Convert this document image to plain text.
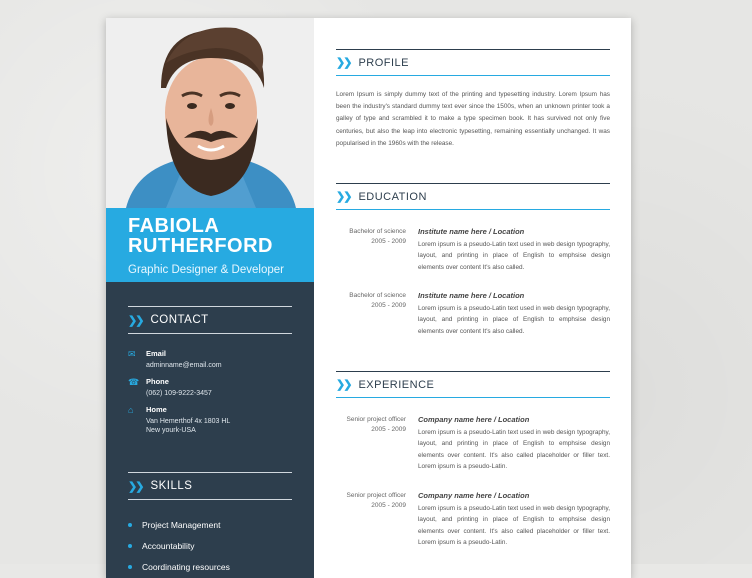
FABIOLA
RUTHERFORD
Graphic Designer & Developer
❯❯ CONTACT
✉ Email
adminname@email.com
☎ Phone
(062) 109-9222-3457
⌂	Home
Van Hemerthof 4x 1803 HL
New yourk-USA
❯❯ SKILLS
Project Management
Accountability
Coordinating resources
❯❯ PROFILE
Lorem Ipsum is simply dummy text of the printing and typesetting industry. Lorem Ipsum has been the industry's standard dummy text ever since the 1500s, when an unknown printer took a galley of type and scrambled it to make a type specimen book. It has survived not only five centuries, but also the leap into electronic typesetting, remaining essentially unchanged. It was popularised in the 1960s with the release.
❯❯ EDUCATION
Bachelor of science
2005 - 2009
Institute name here / Location
Lorem ipsum is a pseudo-Latin text used in web design typography, layout, and printing in place of English to emphsise design elements over content It's also called.
Bachelor of science
2005 - 2009
Institute name here / Location
Lorem ipsum is a pseudo-Latin text used in web design typography, layout, and printing in place of English to emphsise design elements over content It's also called.
❯❯ EXPERIENCE
Senior project officer
2005 - 2009
Company name here / Location
Lorem ipsum is a pseudo-Latin text used in web design typography, layout, and printing in place of English to emphsise design elements over content. It's also called placeholder or filler text. Lorem ipsum is a pseudo-Latin.
Senior project officer
2005 - 2009
Company name here / Location
Lorem ipsum is a pseudo-Latin text used in web design typography, layout, and printing in place of English to emphsise design elements over content. It's also called placeholder or filler text. Lorem ipsum is a pseudo-Latin.
